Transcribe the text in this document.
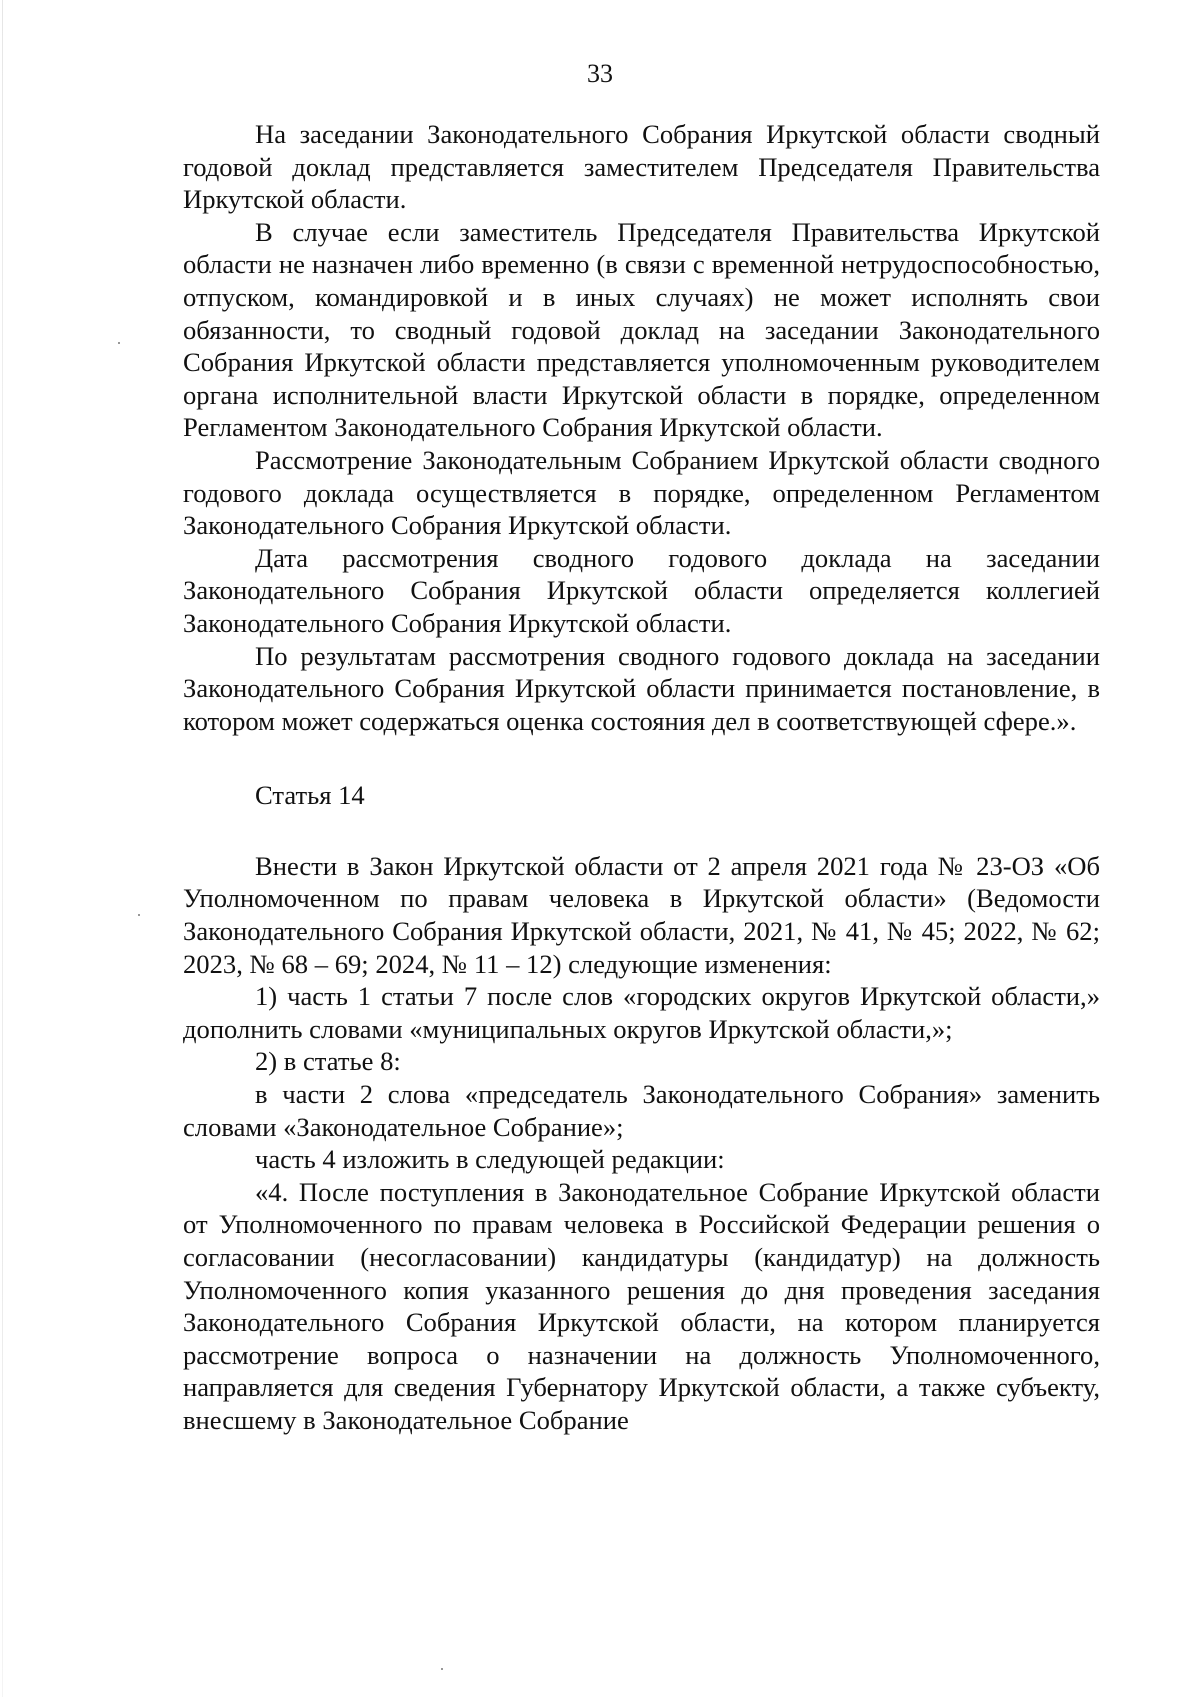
33

На заседании Законодательного Собрания Иркутской области сводный годовой доклад представляется заместителем Председателя Правительства Иркутской области.

В случае если заместитель Председателя Правительства Иркутской области не назначен либо временно (в связи с временной нетрудоспособностью, отпуском, командировкой и в иных случаях) не может исполнять свои обязанности, то сводный годовой доклад на заседании Законодательного Собрания Иркутской области представляется уполномоченным руководителем органа исполнительной власти Иркутской области в порядке, определенном Регламентом Законодательного Собрания Иркутской области.

Рассмотрение Законодательным Собранием Иркутской области сводного годового доклада осуществляется в порядке, определенном Регламентом Законодательного Собрания Иркутской области.

Дата рассмотрения сводного годового доклада на заседании Законодательного Собрания Иркутской области определяется коллегией Законодательного Собрания Иркутской области.

По результатам рассмотрения сводного годового доклада на заседании Законодательного Собрания Иркутской области принимается постановление, в котором может содержаться оценка состояния дел в соответствующей сфере.».

Статья 14

Внести в Закон Иркутской области от 2 апреля 2021 года № 23-ОЗ «Об Уполномоченном по правам человека в Иркутской области» (Ведомости Законодательного Собрания Иркутской области, 2021, № 41, № 45; 2022, № 62; 2023, № 68 – 69; 2024, № 11 – 12) следующие изменения:

1) часть 1 статьи 7 после слов «городских округов Иркутской области,» дополнить словами «муниципальных округов Иркутской области,»;

2) в статье 8:

в части 2 слова «председатель Законодательного Собрания» заменить словами «Законодательное Собрание»;

часть 4 изложить в следующей редакции:

«4. После поступления в Законодательное Собрание Иркутской области от Уполномоченного по правам человека в Российской Федерации решения о согласовании (несогласовании) кандидатуры (кандидатур) на должность Уполномоченного копия указанного решения до дня проведения заседания Законодательного Собрания Иркутской области, на котором планируется рассмотрение вопроса о назначении на должность Уполномоченного, направляется для сведения Губернатору Иркутской области, а также субъекту, внесшему в Законодательное Собрание
